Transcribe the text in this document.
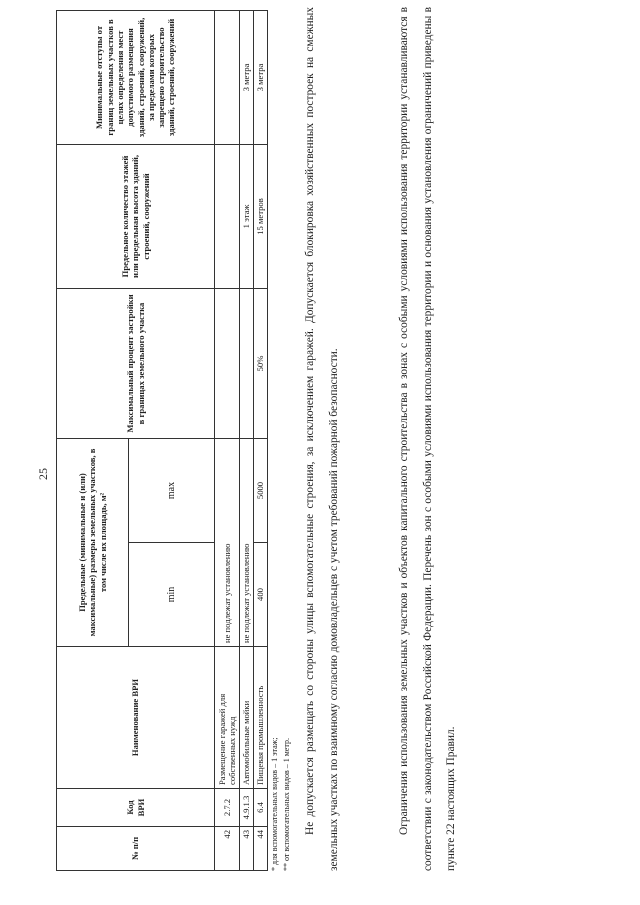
25
№ п/п	Код ВРИ	Наименование ВРИ	Предельные (минимальные и (или) максимальные) размеры земельных участков, в том числе их площадь, м²		Максимальный процент застройки в границах земельного участка	Предельное количество этажей или предельная высота зданий, строений, сооружений	Минимальные отступы от границ земельных участков в целях определения мест допустимого размещения зданий, строений, сооружений, за пределами которых запрещено строительство зданий, строений, сооружений
			min	max			
42	2.7.2	Размещение гаражей для собственных нужд	не подлежат установлению				
43	4.9.1.3	Автомобильные мойки	не подлежат установлению			1 этаж	3 метра
44	6.4	Пищевая промышленность	400	5000	50%	15 метров	3 метра
* для вспомогательных видов – 1 этаж; ** от вспомогательных видов – 1 метр.	Не допускается размещать со стороны улицы вспомогательные строения, за исключением гаражей. Допускается блокировка хозяйственных построек на смежных земельных участках по взаимному согласию домовладельцев с учетом требований пожарной безопасности.	Ограничения использования земельных участков и объектов капитального строительства в зонах с особыми условиями использования территории устанавливаются в соответствии с законодательством Российской Федерации. Перечень зон с особыми условиями использования территории и основания установления ограничений приведены в пункте 22 настоящих Правил.
